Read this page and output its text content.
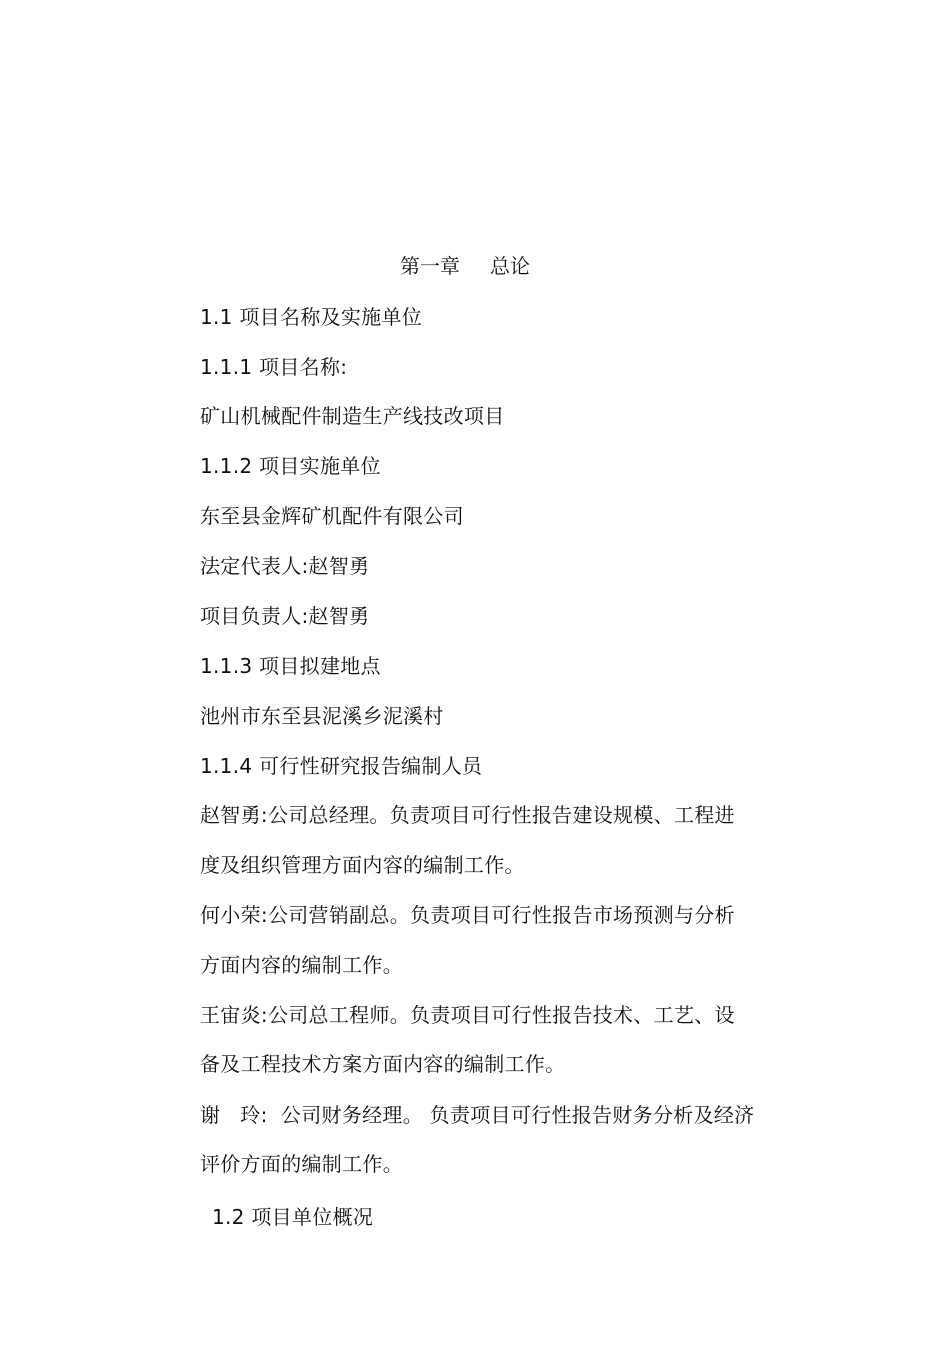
第一章 总论
1.1 项目名称及实施单位
1.1.1 项目名称:
矿山机械配件制造生产线技改项目
1.1.2 项目实施单位
东至县金辉矿机配件有限公司
法定代表人:赵智勇
项目负责人:赵智勇
1.1.3 项目拟建地点
池州市东至县泥溪乡泥溪村
1.1.4 可行性研究报告编制人员
赵智勇:公司总经理。负责项目可行性报告建设规模、工程进
度及组织管理方面内容的编制工作。
何小荣:公司营销副总。负责项目可行性报告市场预测与分析
方面内容的编制工作。
王宙炎:公司总工程师。负责项目可行性报告技术、工艺、设
备及工程技术方案方面内容的编制工作。
谢   玲:  公司财务经理。 负责项目可行性报告财务分析及经济
评价方面的编制工作。
1.2 项目单位概况
